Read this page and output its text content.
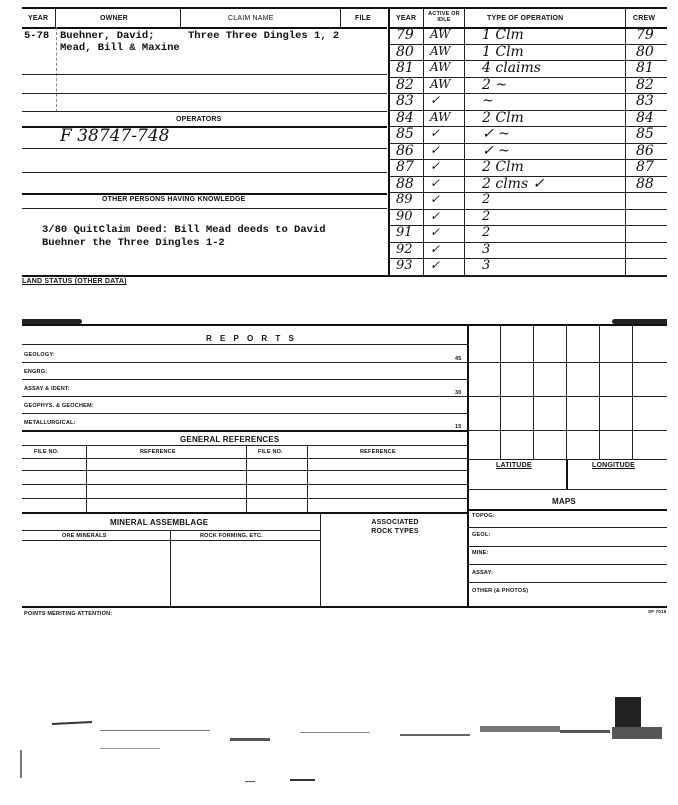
YEAR	OWNER	CLAIM NAME	FILE	YEAR
ACTIVE OR IDLE	TYPE OF OPERATION	CREW
5-78 Buehner, David;	Three Three Dingles 1, 2
Mead, Bill & Maxine
OPERATORS
F 38747-748
OTHER PERSONS HAVING KNOWLEDGE
3/80 QuitClaim Deed: Bill Mead deeds to David
Buehner the Three Dingles 1-2
LAND STATUS (OTHER DATA)
79 AW 1 Clm	79
80 AW 1 Clm	80
81 AW 4 claims	81
82 AW 2 ~	82
83 ✓	~	83
84 AW 2 Clm	84
85 ✓	✓ ~	85
86 ✓	✓ ~	86
87 ✓	2 Clm	87
88 ✓	2 clms ✓	88
89 ✓	2
90 ✓	2
91 ✓	2
92 ✓	3
93 ✓	3
R E P O R T S
GEOLOGY:
45
ENGRG:
ASSAY & IDENT:
30
GEOPHYS. & GEOCHEM:
METALLURGICAL:
15
GENERAL REFERENCES
FILE NO.	REFERENCE	FILE NO.	REFERENCE
LATITUDE	LONGITUDE
MAPS
TOPOG:
GEOL:
MINE:
ASSAY:
OTHER (& PHOTOS)
MINERAL ASSEMBLAGE	ASSOCIATED ROCK TYPES
ORE MINERALS	ROCK FORMING, ETC.
POINTS MERITING ATTENTION:	SF 7015
